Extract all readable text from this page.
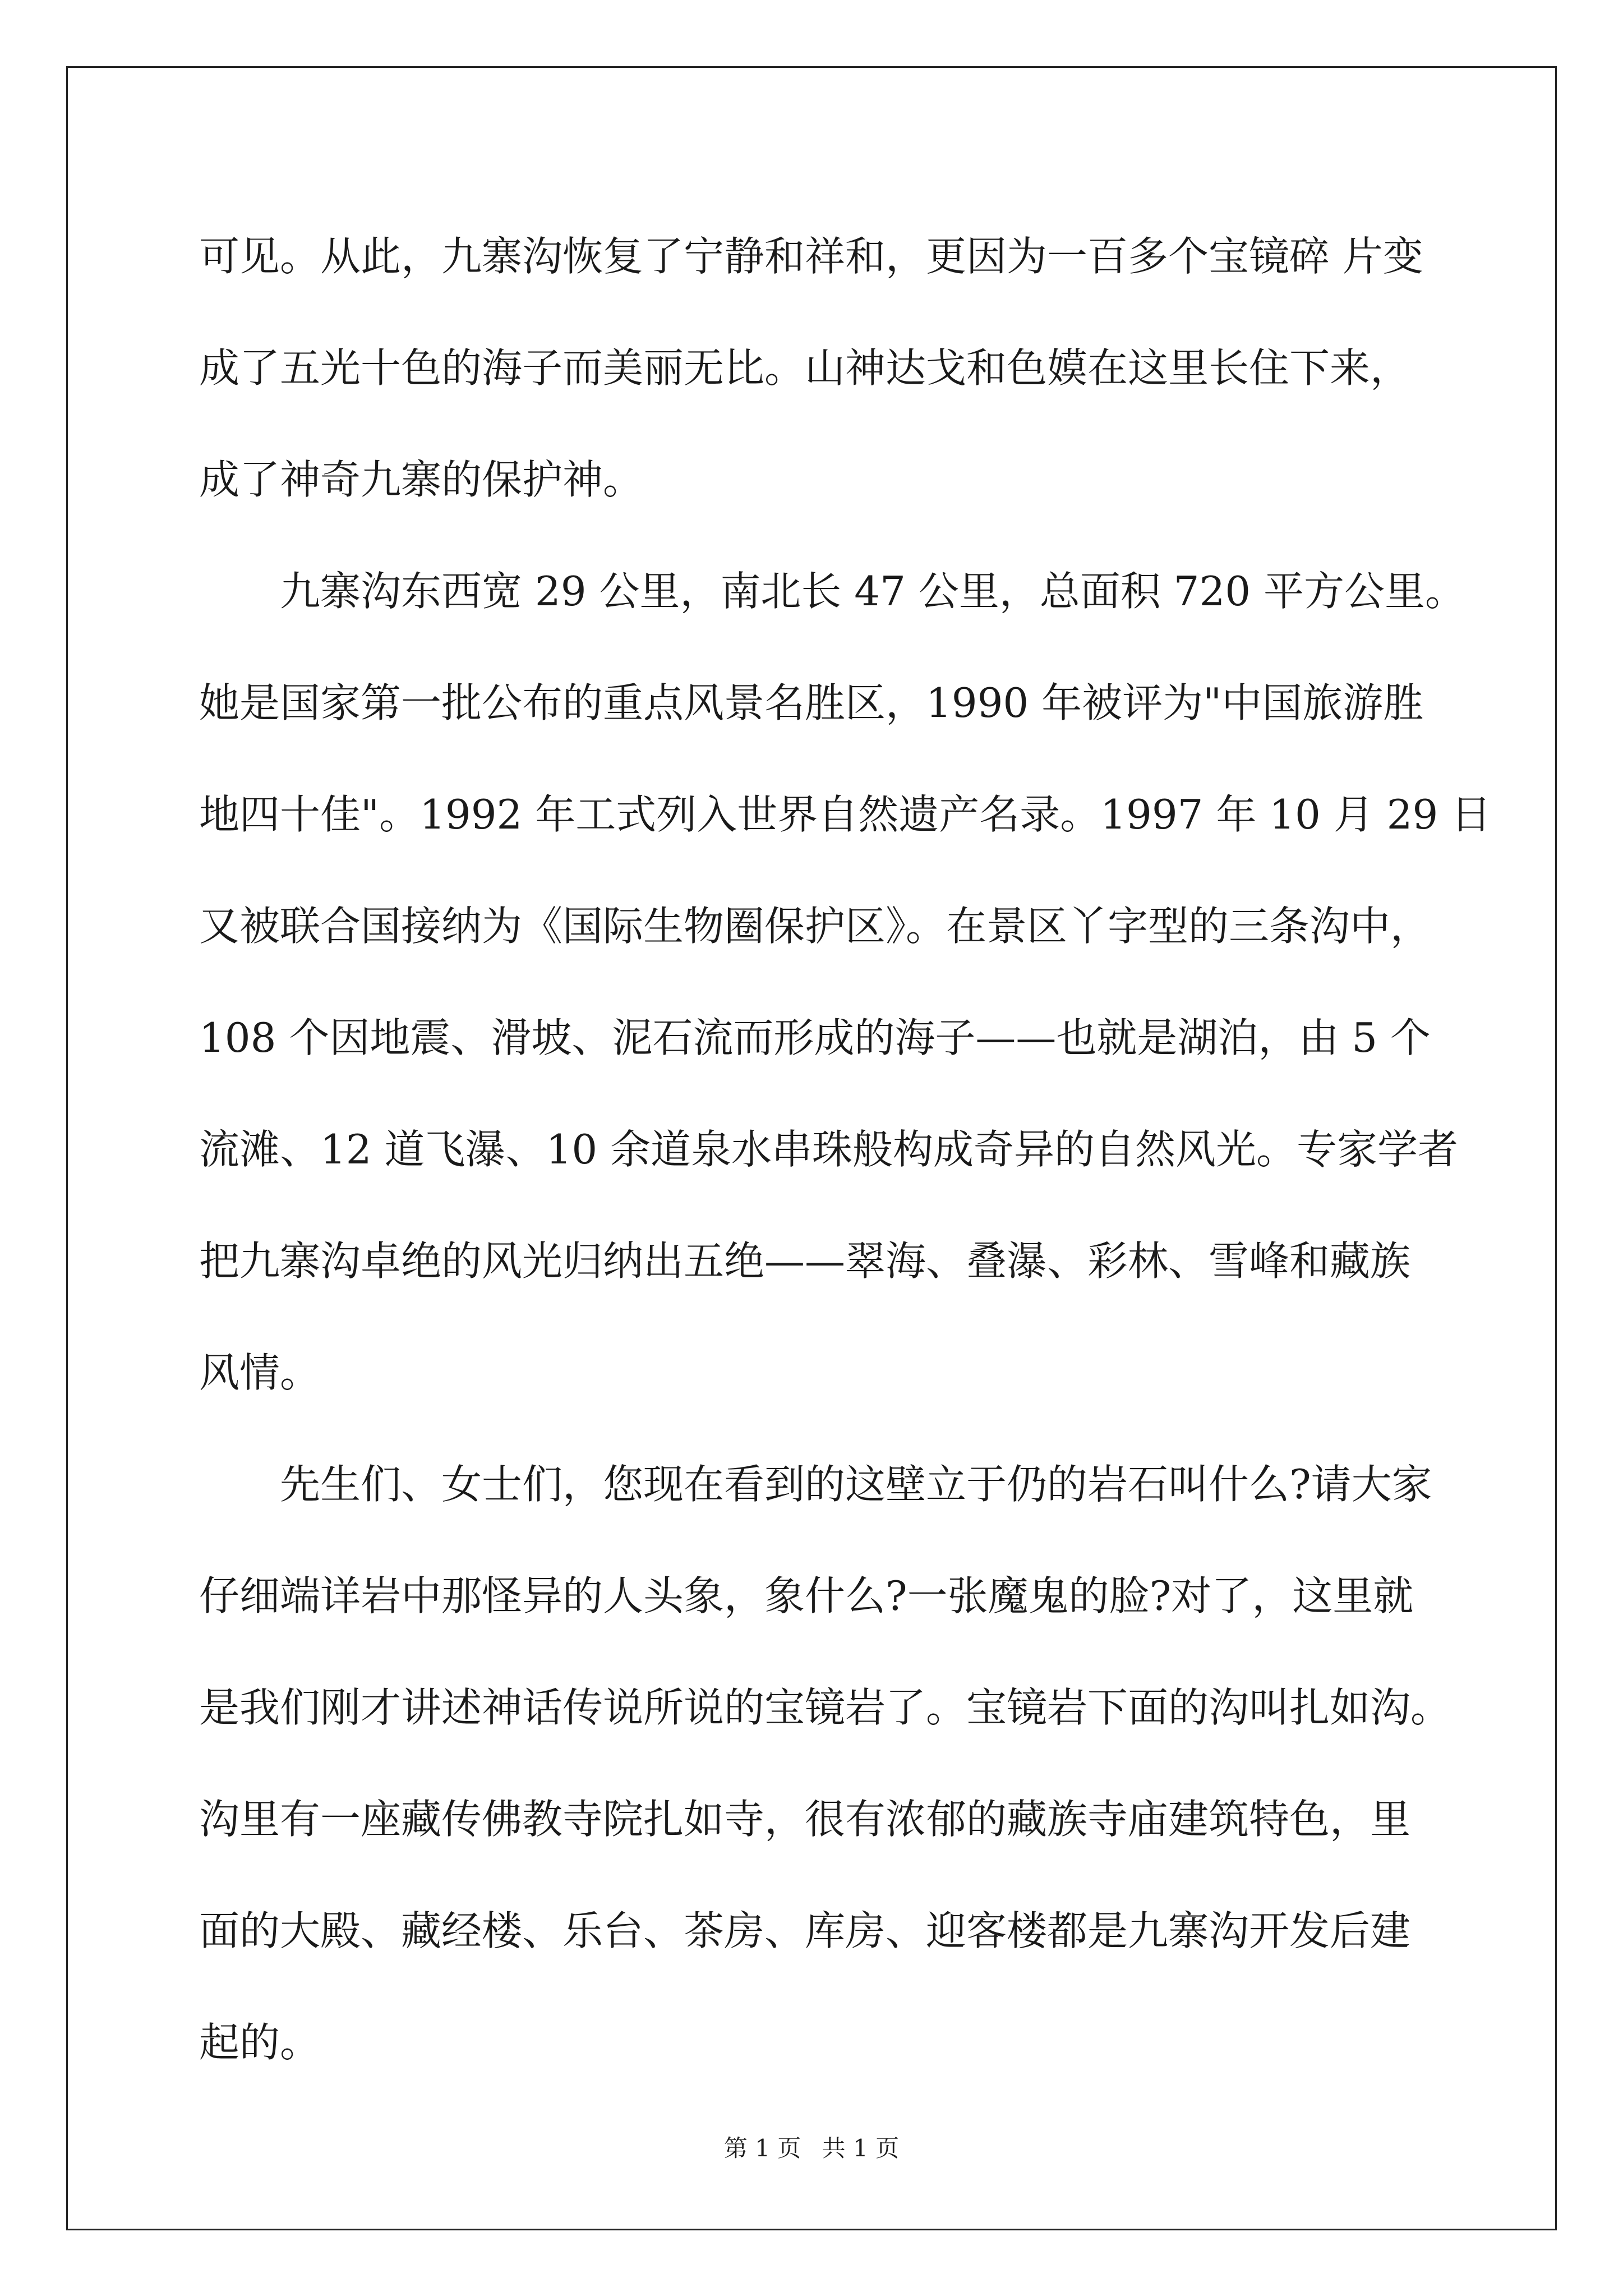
可见。从此，九寨沟恢复了宁静和祥和，更因为一百多个宝镜碎 片变
成了五光十色的海子而美丽无比。山神达戈和色嫫在这里长住下来，
成了神奇九寨的保护神。
九寨沟东西宽 29 公里，南北长 47 公里，总面积 720 平方公里。
她是国家第一批公布的重点风景名胜区，1990 年被评为"中国旅游胜
地四十佳"。1992 年工式列入世界自然遗产名录。1997 年 10 月 29 日
又被联合国接纳为《国际生物圈保护区》。在景区丫字型的三条沟中，
108 个因地震、滑坡、泥石流而形成的海子——也就是湖泊，由 5 个
流滩、12 道飞瀑、10 余道泉水串珠般构成奇异的自然风光。专家学者
把九寨沟卓绝的风光归纳出五绝——翠海、叠瀑、彩林、雪峰和藏族
风情。
先生们、女士们，您现在看到的这壁立于仍的岩石叫什么?请大家
仔细端详岩中那怪异的人头象，象什么?一张魔鬼的脸?对了，这里就
是我们刚才讲述神话传说所说的宝镜岩了。宝镜岩下面的沟叫扎如沟。
沟里有一座藏传佛教寺院扎如寺，很有浓郁的藏族寺庙建筑特色，里
面的大殿、藏经楼、乐台、茶房、库房、迎客楼都是九寨沟开发后建
起的。
第 1 页 共 1 页
